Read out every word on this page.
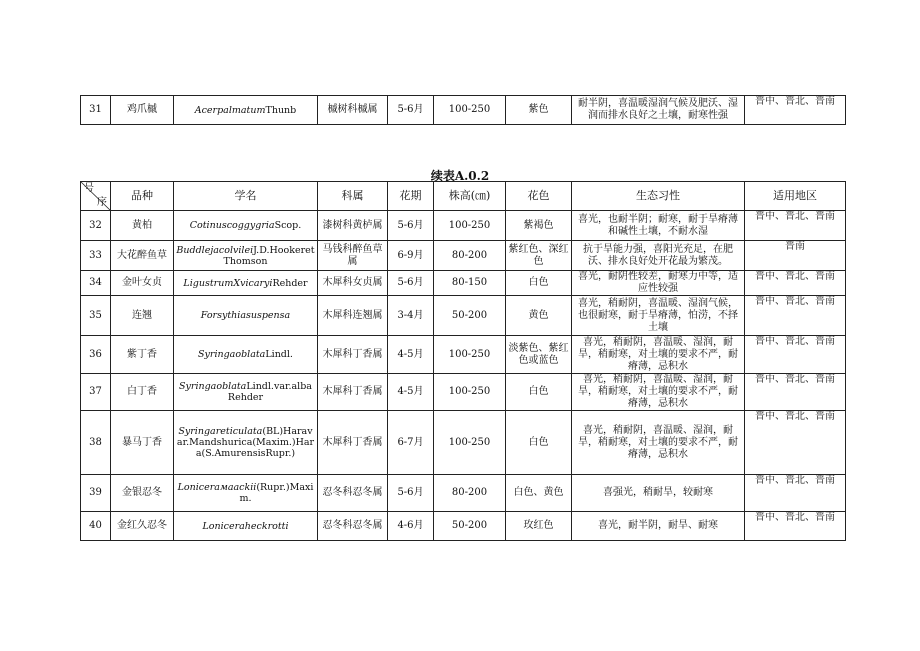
31	鸡爪槭	AcerpalmatumThunb	槭树科槭属	5-6月	100-250	紫色	耐半阴，喜温暖湿润气候及肥沃、湿润而排水良好之土壤，耐寒性强	晋中、晋北、晋南
续表A.0.2
号
序	品种	学名	科属	花期	株高(㎝)	花色	生态习性	适用地区
32	黄柏	CotinuscoggygriaScop.	漆树科黄栌属	5-6月	100-250	紫褐色	喜光，也耐半阴；耐寒，耐于旱瘠薄和碱性土壤，不耐水湿	晋中、晋北、晋南
33	大花醉鱼草	BuddlejacolvileiJ.D.HookeretThomson	马钱科醉鱼草属	6-9月	80-200	紫红色、深红色	抗于旱能力强，喜阳光充足，在肥沃、排水良好处开花最为繁茂。	晋南
34	金叶女贞	LigustrumXvicaryiRehder	木犀科女贞属	5-6月	80-150	白色	喜光，耐阴性较差，耐寒力中等，适应性较强	晋中、晋北、晋南
35	连翘	Forsythiasuspensa	木犀科连翘属	3-4月	50-200	黄色	喜光，稍耐阴，喜温暖、湿润气候，也很耐寒，耐于旱瘠薄，怕涝，不择土壤	晋中、晋北、晋南
36	紫丁香	SyringaoblataLindl.	木犀科丁香属	4-5月	100-250	淡紫色、紫红色或蓝色	喜光，稍耐阴，喜温暖、湿润，耐旱，稍耐寒，对土壤的要求不严，耐瘠薄，忌积水	晋中、晋北、晋南
37	白丁香	SyringaoblataLindl.var.albaRehder	木犀科丁香属	4-5月	100-250	白色	喜光，稍耐阴，喜温暖、湿润，耐旱，稍耐寒，对土壤的要求不严，耐瘠薄，忌积水	晋中、晋北、晋南
38	暴马丁香	Syringareticulata(BL)Haravar.Mandshurica(Maxim.)Hara(S.AmurensisRupr.)	木犀科丁香属	6-7月	100-250	白色	喜光，稍耐阴，喜温暖、湿润，耐旱，稍耐寒，对土壤的要求不严，耐瘠薄，忌积水	晋中、晋北、晋南
39	金银忍冬	Lonicerамaackii(Rupr.)Maxim.	忍冬科忍冬属	5-6月	80-200	白色、黄色	喜强光，稍耐旱，较耐寒	晋中、晋北、晋南
40	金红久忍冬	Loniceraheckrotti	忍冬科忍冬属	4-6月	50-200	玫红色	喜光，耐半阴，耐旱、耐寒	晋中、晋北、晋南
